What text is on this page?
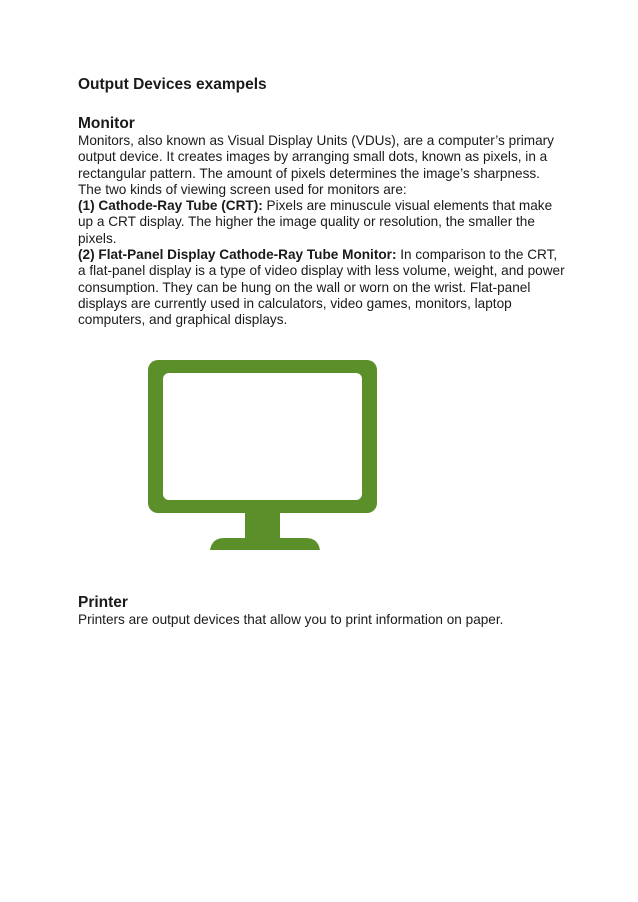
Output Devices exampels
Monitor

Monitors, also known as Visual Display Units (VDUs), are a computer’s primary output device. It creates images by arranging small dots, known as pixels, in a rectangular pattern. The amount of pixels determines the image’s sharpness.

The two kinds of viewing screen used for monitors are:

(1) Cathode-Ray Tube (CRT): Pixels are minuscule visual elements that make up a CRT display. The higher the image quality or resolution, the smaller the pixels.

(2) Flat-Panel Display Cathode-Ray Tube Monitor: In comparison to the CRT, a flat-panel display is a type of video display with less volume, weight, and power consumption. They can be hung on the wall or worn on the wrist. Flat-panel displays are currently used in calculators, video games, monitors, laptop computers, and graphical displays.

Printer

Printers are output devices that allow you to print information on paper.
